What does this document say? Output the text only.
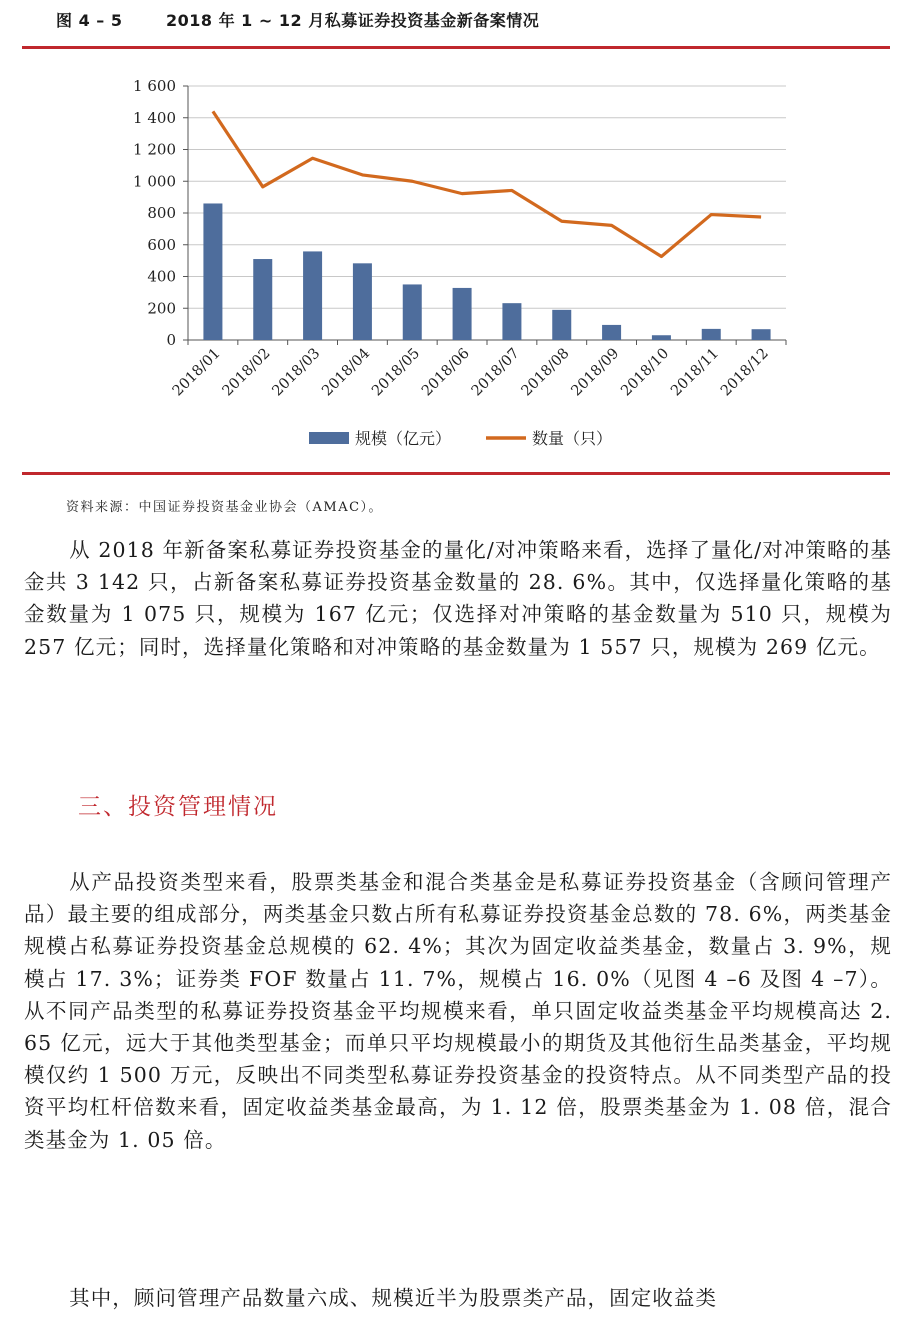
图 4 – 5	2018 年 1 ~ 12 月私募证券投资基金新备案情况
0
200
400
600
800
1 000
1 200
1 400
1 600
2018/01
2018/02
2018/03
2018/04
2018/05
2018/06
2018/07
2018/08
2018/09
2018/10
2018/11
2018/12
规模（亿元）	数量（只）
资料来源：中国证券投资基金业协会（AMAC）。

从 2018 年新备案私募证券投资基金的量化/对冲策略来看，选择了量化/对冲策略的基金共 3 142 只，占新备案私募证券投资基金数量的 28. 6%。其中，仅选择量化策略的基金数量为 1 075 只，规模为 167 亿元；仅选择对冲策略的基金数量为 510 只，规模为 257 亿元；同时，选择量化策略和对冲策略的基金数量为 1 557 只，规模为 269 亿元。

三、投资管理情况

从产品投资类型来看，股票类基金和混合类基金是私募证券投资基金（含顾问管理产品）最主要的组成部分，两类基金只数占所有私募证券投资基金总数的 78. 6%，两类基金规模占私募证券投资基金总规模的 62. 4%；其次为固定收益类基金，数量占 3. 9%，规模占 17. 3%；证券类 FOF 数量占 11. 7%，规模占 16. 0%（见图 4 –6 及图 4 –7）。从不同产品类型的私募证券投资基金平均规模来看，单只固定收益类基金平均规模高达 2. 65 亿元，远大于其他类型基金；而单只平均规模最小的期货及其他衍生品类基金，平均规模仅约 1 500 万元，反映出不同类型私募证券投资基金的投资特点。从不同类型产品的投资平均杠杆倍数来看，固定收益类基金最高，为 1. 12 倍，股票类基金为 1. 08 倍，混合类基金为 1. 05 倍。

其中，顾问管理产品数量六成、规模近半为股票类产品，固定收益类
